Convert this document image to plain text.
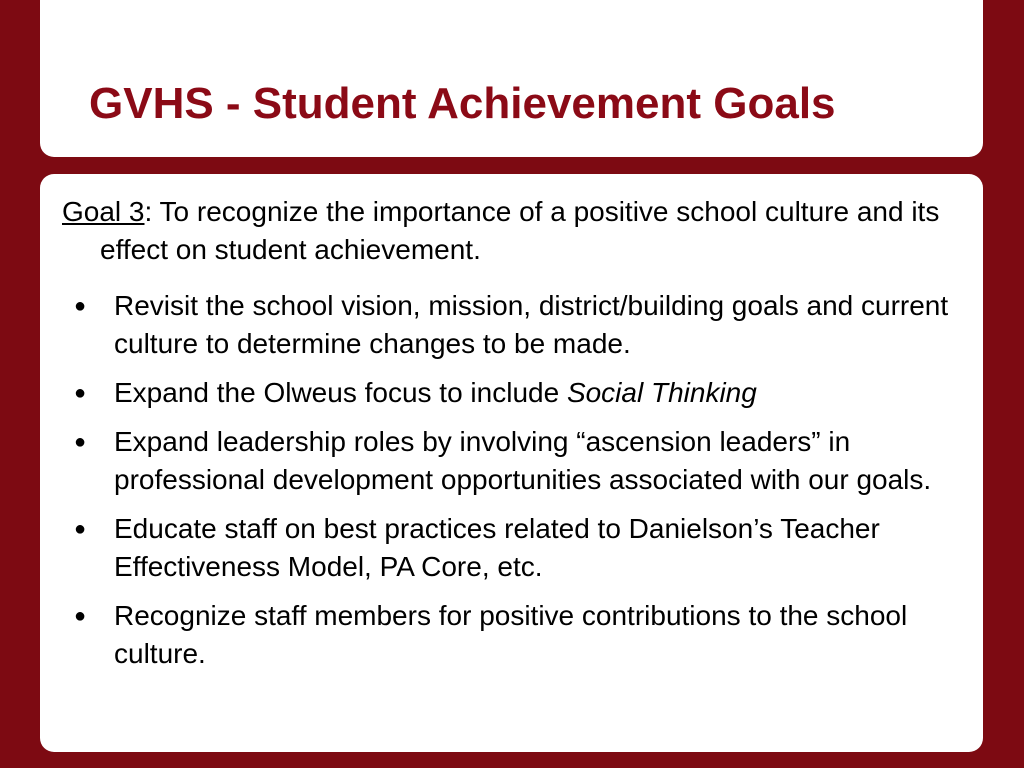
GVHS - Student Achievement Goals

Goal 3: To recognize the importance of a positive school culture and its effect on student achievement.

● Revisit the school vision, mission, district/building goals and current culture to determine changes to be made.
● Expand the Olweus focus to include Social Thinking
● Expand leadership roles by involving “ascension leaders” in professional development opportunities associated with our goals.
● Educate staff on best practices related to Danielson’s Teacher Effectiveness Model, PA Core, etc.
● Recognize staff members for positive contributions to the school culture.
